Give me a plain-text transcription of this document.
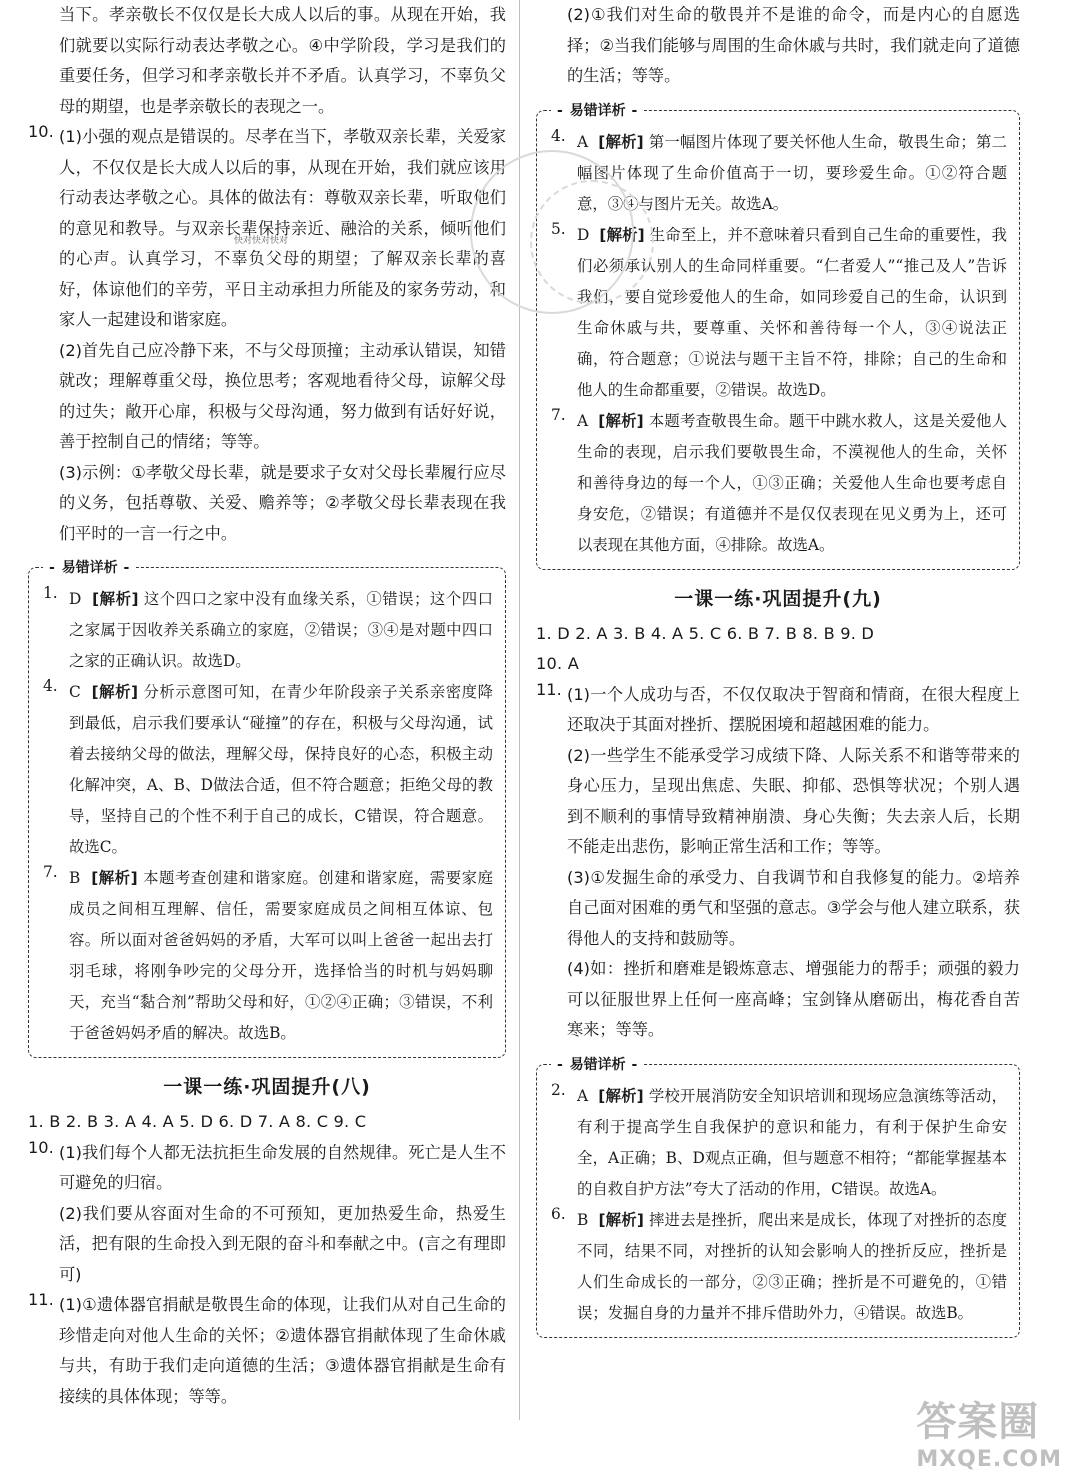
当下。孝亲敬长不仅仅是长大成人以后的事。从现在开始，我们就要以实际行动表达孝敬之心。④中学阶段，学习是我们的重要任务，但学习和孝亲敬长并不矛盾。认真学习，不辜负父母的期望，也是孝亲敬长的表现之一。

10. (1)小强的观点是错误的。尽孝在当下，孝敬双亲长辈，关爱家人，不仅仅是长大成人以后的事，从现在开始，我们就应该用行动表达孝敬之心。具体的做法有：尊敬双亲长辈，听取他们的意见和教导。与双亲长辈保持亲近、融洽的关系，倾听他们的心声。认真学习，不辜负父母的期望；了解双亲长辈的喜好，体谅他们的辛劳，平日主动承担力所能及的家务劳动，和家人一起建设和谐家庭。

(2)首先自己应冷静下来，不与父母顶撞；主动承认错误，知错就改；理解尊重父母，换位思考；客观地看待父母，谅解父母的过失；敞开心扉，积极与父母沟通，努力做到有话好好说，善于控制自己的情绪；等等。

(3)示例：①孝敬父母长辈，就是要求子女对父母长辈履行应尽的义务，包括尊敬、关爱、赡养等；②孝敬父母长辈表现在我们平时的一言一行之中。

- 易错详析 -
1. D [解析] 这个四口之家中没有血缘关系，①错误；这个四口之家属于因收养关系确立的家庭，②错误；③④是对题中四口之家的正确认识。故选D。

4. C [解析] 分析示意图可知，在青少年阶段亲子关系亲密度降到最低，启示我们要承认“碰撞”的存在，积极与父母沟通，试着去接纳父母的做法，理解父母，保持良好的心态，积极主动化解冲突，A、B、D做法合适，但不符合题意；拒绝父母的教导，坚持自己的个性不利于自己的成长，C错误，符合题意。故选C。

7. B [解析] 本题考查创建和谐家庭。创建和谐家庭，需要家庭成员之间相互理解、信任，需要家庭成员之间相互体谅、包容。所以面对爸爸妈妈的矛盾，大军可以叫上爸爸一起出去打羽毛球，将刚争吵完的父母分开，选择恰当的时机与妈妈聊天，充当“黏合剂”帮助父母和好，①②④正确；③错误，不利于爸爸妈妈矛盾的解决。故选B。

一课一练·巩固提升(八)

1. B 2. B 3. A 4. A 5. D 6. D 7. A 8. C 9. C

10. (1)我们每个人都无法抗拒生命发展的自然规律。死亡是人生不可避免的归宿。

(2)我们要从容面对生命的不可预知，更加热爱生命，热爱生活，把有限的生命投入到无限的奋斗和奉献之中。(言之有理即可)

11. (1)①遗体器官捐献是敬畏生命的体现，让我们从对自己生命的珍惜走向对他人生命的关怀；②遗体器官捐献体现了生命休戚与共，有助于我们走向道德的生活；③遗体器官捐献是生命有接续的具体体现；等等。

快对快对快对

(2)①我们对生命的敬畏并不是谁的命令，而是内心的自愿选择；②当我们能够与周围的生命休戚与共时，我们就走向了道德的生活；等等。

- 易错详析 -
4. A [解析] 第一幅图片体现了要关怀他人生命，敬畏生命；第二幅图片体现了生命价值高于一切，要珍爱生命。①②符合题意，③④与图片无关。故选A。

5. D [解析] 生命至上，并不意味着只看到自己生命的重要性，我们必须承认别人的生命同样重要。“仁者爱人”“推己及人”告诉我们，要自觉珍爱他人的生命，如同珍爱自己的生命，认识到生命休戚与共，要尊重、关怀和善待每一个人，③④说法正确，符合题意；①说法与题干主旨不符，排除；自己的生命和他人的生命都重要，②错误。故选D。

7. A [解析] 本题考查敬畏生命。题干中跳水救人，这是关爱他人生命的表现，启示我们要敬畏生命，不漠视他人的生命，关怀和善待身边的每一个人，①③正确；关爱他人生命也要考虑自身安危，②错误；有道德并不是仅仅表现在见义勇为上，还可以表现在其他方面，④排除。故选A。

一课一练·巩固提升(九)

1. D 2. A 3. B 4. A 5. C 6. B 7. B 8. B 9. D

10. A

11. (1)一个人成功与否，不仅仅取决于智商和情商，在很大程度上还取决于其面对挫折、摆脱困境和超越困难的能力。

(2)一些学生不能承受学习成绩下降、人际关系不和谐等带来的身心压力，呈现出焦虑、失眠、抑郁、恐惧等状况；个别人遇到不顺利的事情导致精神崩溃、身心失衡；失去亲人后，长期不能走出悲伤，影响正常生活和工作；等等。

(3)①发掘生命的承受力、自我调节和自我修复的能力。②培养自己面对困难的勇气和坚强的意志。③学会与他人建立联系，获得他人的支持和鼓励等。

(4)如：挫折和磨难是锻炼意志、增强能力的帮手；顽强的毅力可以征服世界上任何一座高峰；宝剑锋从磨砺出，梅花香自苦寒来；等等。

- 易错详析 -
2. A [解析] 学校开展消防安全知识培训和现场应急演练等活动，有利于提高学生自我保护的意识和能力，有利于保护生命安全，A正确；B、D观点正确，但与题意不相符；“都能掌握基本的自救自护方法”夸大了活动的作用，C错误。故选A。

6. B [解析] 摔进去是挫折，爬出来是成长，体现了对挫折的态度不同，结果不同，对挫折的认知会影响人的挫折反应，挫折是人们生命成长的一部分，②③正确；挫折是不可避免的，①错误；发掘自身的力量并不排斥借助外力，④错误。故选B。

答案圈
MXQE.COM
